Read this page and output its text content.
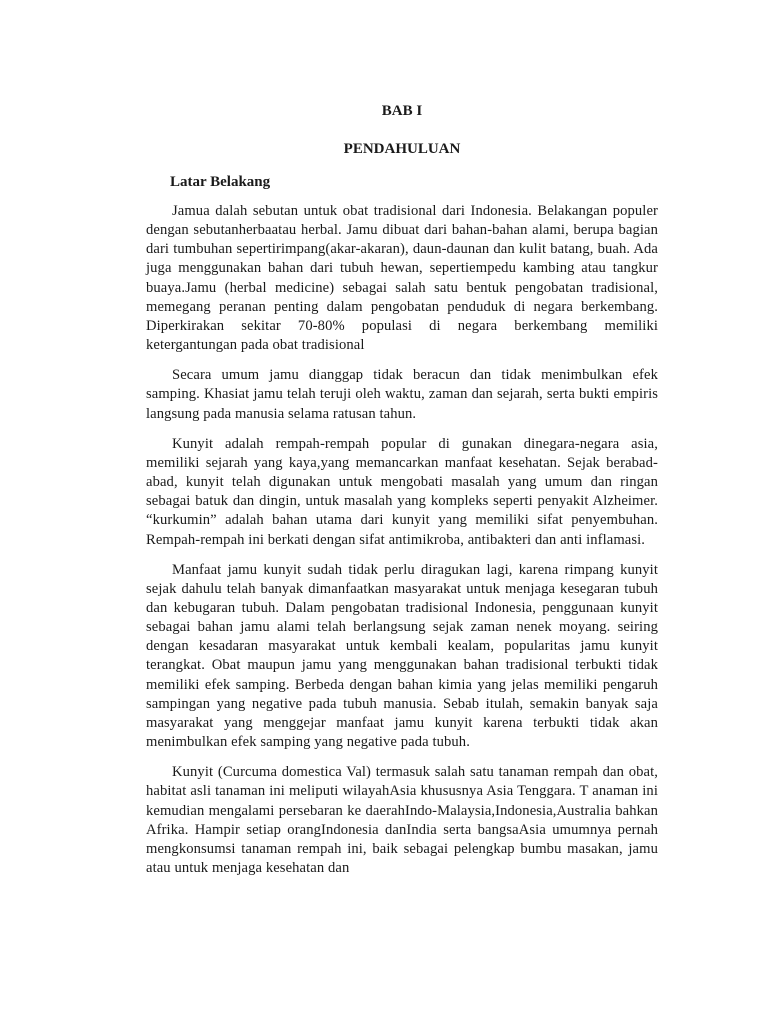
BAB I
PENDAHULUAN
Latar Belakang

Jamua dalah sebutan untuk obat tradisional dari Indonesia. Belakangan populer dengan sebutanherbaatau herbal. Jamu dibuat dari bahan-bahan alami, berupa bagian dari tumbuhan sepertirimpang(akar-akaran), daun-daunan dan kulit batang, buah. Ada juga menggunakan bahan dari tubuh hewan, sepertiempedu kambing atau tangkur buaya.Jamu (herbal medicine) sebagai salah satu bentuk pengobatan tradisional, memegang peranan penting dalam pengobatan penduduk di negara berkembang. Diperkirakan sekitar 70-80% populasi di negara berkembang memiliki ketergantungan pada obat tradisional

Secara umum jamu dianggap tidak beracun dan tidak menimbulkan efek samping. Khasiat jamu telah teruji oleh waktu, zaman dan sejarah, serta bukti empiris langsung pada manusia selama ratusan tahun.

Kunyit adalah rempah-rempah popular di gunakan dinegara-negara asia, memiliki sejarah yang kaya,yang memancarkan manfaat kesehatan. Sejak berabad-abad, kunyit telah digunakan untuk mengobati masalah yang umum dan ringan sebagai batuk dan dingin, untuk masalah yang kompleks seperti penyakit Alzheimer. “kurkumin” adalah bahan utama dari kunyit yang memiliki sifat penyembuhan. Rempah-rempah ini berkati dengan sifat antimikroba, antibakteri dan anti inflamasi.

Manfaat jamu kunyit sudah tidak perlu diragukan lagi, karena rimpang kunyit sejak dahulu telah banyak dimanfaatkan masyarakat untuk menjaga kesegaran tubuh dan kebugaran tubuh. Dalam pengobatan tradisional Indonesia, penggunaan kunyit sebagai bahan jamu alami telah berlangsung sejak zaman nenek moyang. seiring dengan kesadaran masyarakat untuk kembali kealam, popularitas jamu kunyit terangkat. Obat maupun jamu yang menggunakan bahan tradisional terbukti tidak memiliki efek samping. Berbeda dengan bahan kimia yang jelas memiliki pengaruh sampingan yang negative pada tubuh manusia. Sebab itulah, semakin banyak saja masyarakat yang menggejar manfaat jamu kunyit karena terbukti tidak akan menimbulkan efek samping yang negative pada tubuh.

Kunyit (Curcuma domestica Val) termasuk salah satu tanaman rempah dan obat, habitat asli tanaman ini meliputi wilayahAsia khususnya Asia Tenggara. T anaman ini kemudian mengalami persebaran ke daerahIndo-Malaysia,Indonesia,Australia bahkan Afrika. Hampir setiap orangIndonesia danIndia serta bangsaAsia umumnya pernah mengkonsumsi tanaman rempah ini, baik sebagai pelengkap bumbu masakan, jamu atau untuk menjaga kesehatan dan
